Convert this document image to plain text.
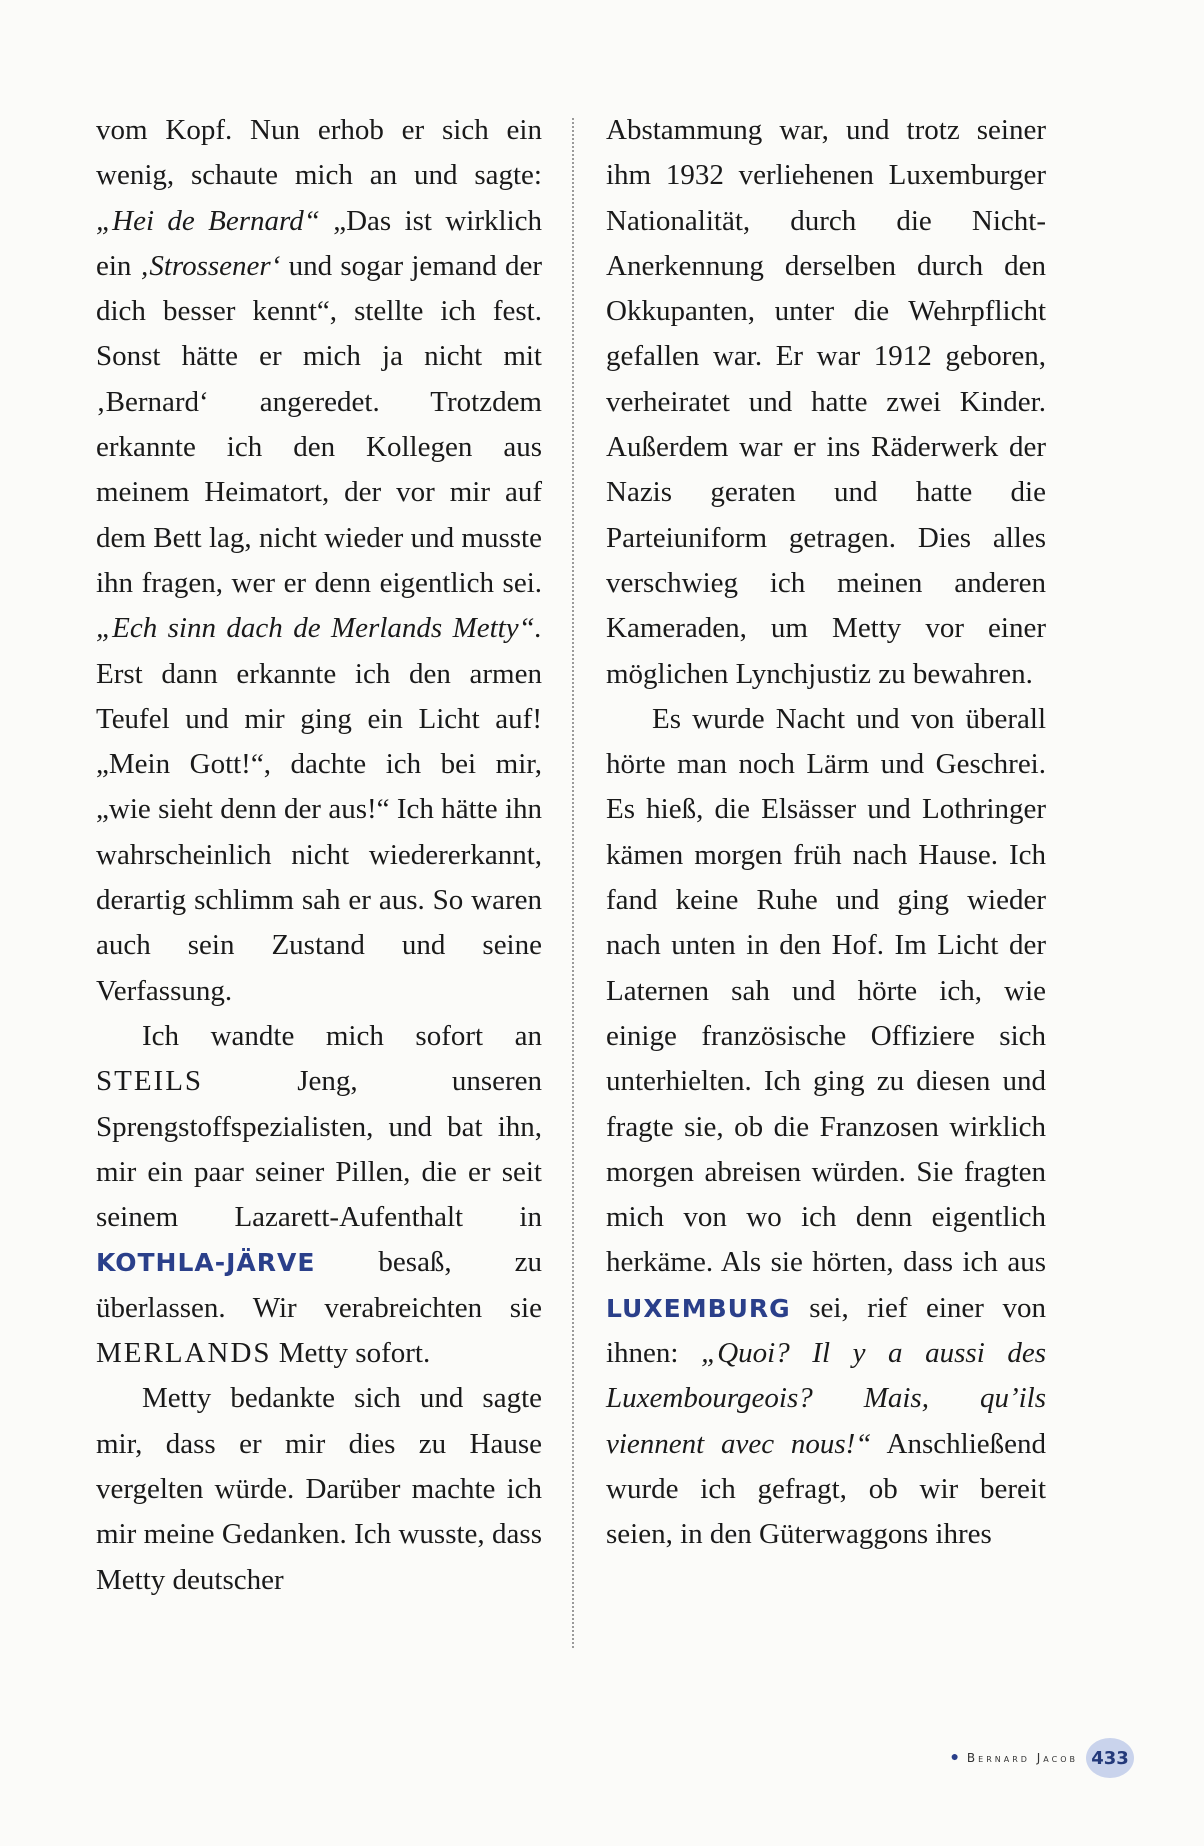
vom Kopf. Nun erhob er sich ein wenig, schaute mich an und sagte: „Hei de Bernard“ „Das ist wirklich ein ‚Strossener‘ und sogar jemand der dich besser kennt“, stellte ich fest. Sonst hätte er mich ja nicht mit ‚Bernard‘ angeredet. Trotzdem erkannte ich den Kollegen aus meinem Heimatort, der vor mir auf dem Bett lag, nicht wieder und musste ihn fragen, wer er denn eigentlich sei. „Ech sinn dach de Merlands Metty“. Erst dann erkannte ich den armen Teufel und mir ging ein Licht auf! „Mein Gott!“, dachte ich bei mir, „wie sieht denn der aus!“ Ich hätte ihn wahrscheinlich nicht wiedererkannt, derartig schlimm sah er aus. So waren auch sein Zustand und seine Verfassung.

Ich wandte mich sofort an STEILS Jeng, unseren Sprengstoffspezialisten, und bat ihn, mir ein paar seiner Pillen, die er seit seinem Lazarett-Aufenthalt in KOTHLA-JÄRVE besaß, zu überlassen. Wir verabreichten sie MERLANDS Metty sofort.

Metty bedankte sich und sagte mir, dass er mir dies zu Hause vergelten würde. Darüber machte ich mir meine Gedanken. Ich wusste, dass Metty deutscher

Abstammung war, und trotz seiner ihm 1932 verliehenen Luxemburger Nationalität, durch die Nicht-Anerkennung derselben durch den Okkupanten, unter die Wehrpflicht gefallen war. Er war 1912 geboren, verheiratet und hatte zwei Kinder. Außerdem war er ins Räderwerk der Nazis geraten und hatte die Parteiuniform getragen. Dies alles verschwieg ich meinen anderen Kameraden, um Metty vor einer möglichen Lynchjustiz zu bewahren.

Es wurde Nacht und von überall hörte man noch Lärm und Geschrei. Es hieß, die Elsässer und Lothringer kämen morgen früh nach Hause. Ich fand keine Ruhe und ging wieder nach unten in den Hof. Im Licht der Laternen sah und hörte ich, wie einige französische Offiziere sich unterhielten. Ich ging zu diesen und fragte sie, ob die Franzosen wirklich morgen abreisen würden. Sie fragten mich von wo ich denn eigentlich herkäme. Als sie hörten, dass ich aus LUXEMBURG sei, rief einer von ihnen: „Quoi? Il y a aussi des Luxembourgeois? Mais, qu’ils viennent avec nous!“ Anschließend wurde ich gefragt, ob wir bereit seien, in den Güterwaggons ihres

● Bernard Jacob 433
